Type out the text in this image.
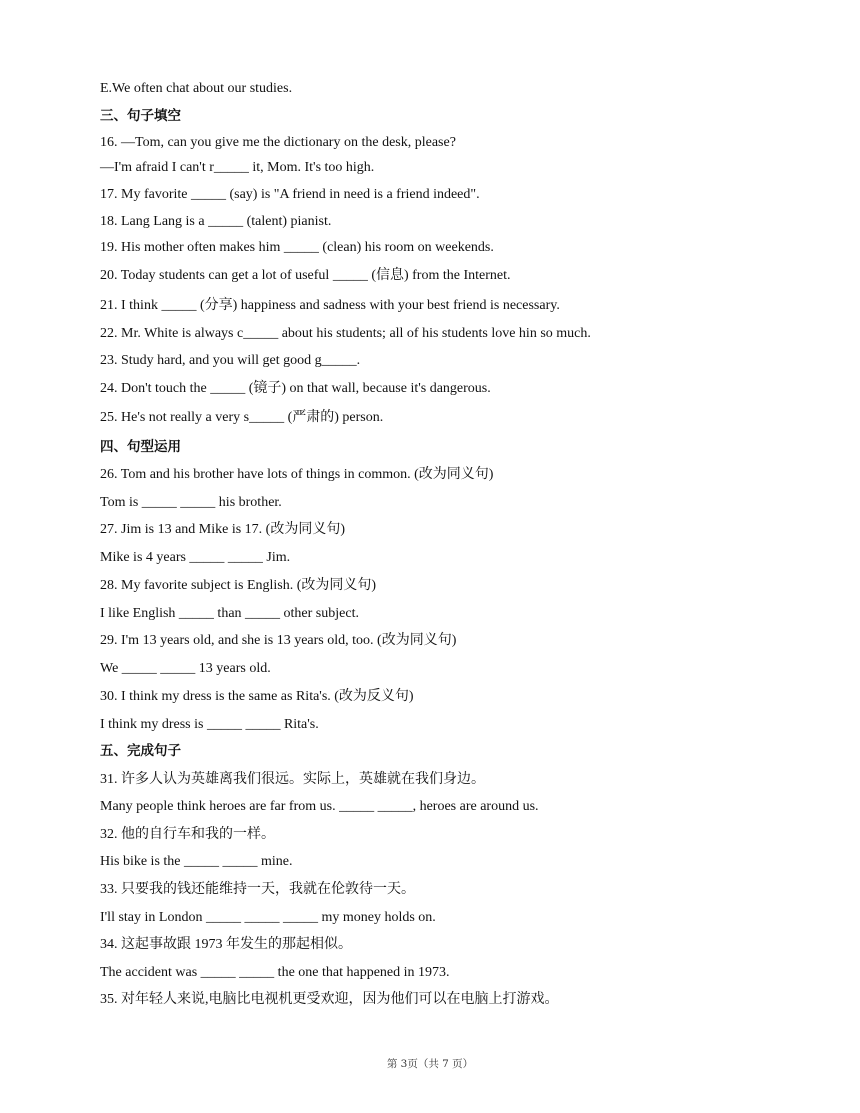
E.We often chat about our studies.
三、句子填空
16. —Tom, can you give me the dictionary on the desk, please?
—I'm afraid I can't r_____ it, Mom. It's too high.
17. My favorite _____ (say) is "A friend in need is a friend indeed".
18. Lang Lang is a _____ (talent) pianist.
19. His mother often makes him _____ (clean) his room on weekends.
20. Today students can get a lot of useful _____ (信息) from the Internet.
21. I think _____ (分享) happiness and sadness with your best friend is necessary.
22. Mr. White is always c_____ about his students; all of his students love hin so much.
23. Study hard, and you will get good g_____.
24. Don't touch the _____ (镜子) on that wall, because it's dangerous.
25. He's not really a very s_____ (严肃的) person.
四、句型运用
26. Tom and his brother have lots of things in common. (改为同义句)
Tom is _____ _____ his brother.
27. Jim is 13 and Mike is 17. (改为同义句)
Mike is 4 years _____ _____ Jim.
28. My favorite subject is English. (改为同义句)
I like English _____ than _____ other subject.
29. I'm 13 years old, and she is 13 years old, too. (改为同义句)
We _____ _____ 13 years old.
30. I think my dress is the same as Rita's. (改为反义句)
I think my dress is _____ _____ Rita's.
五、完成句子
31. 许多人认为英雄离我们很远。实际上，英雄就在我们身边。
Many people think heroes are far from us. _____ _____, heroes are around us.
32. 他的自行车和我的一样。
His bike is the _____ _____ mine.
33. 只要我的钱还能维持一天，我就在伦敦待一天。
I'll stay in London _____ _____ _____ my money holds on.
34. 这起事故跟 1973 年发生的那起相似。
The accident was _____ _____ the one that happened in 1973.
35. 对年轻人来说,电脑比电视机更受欢迎，因为他们可以在电脑上打游戏。
第 3页（共 7 页）
